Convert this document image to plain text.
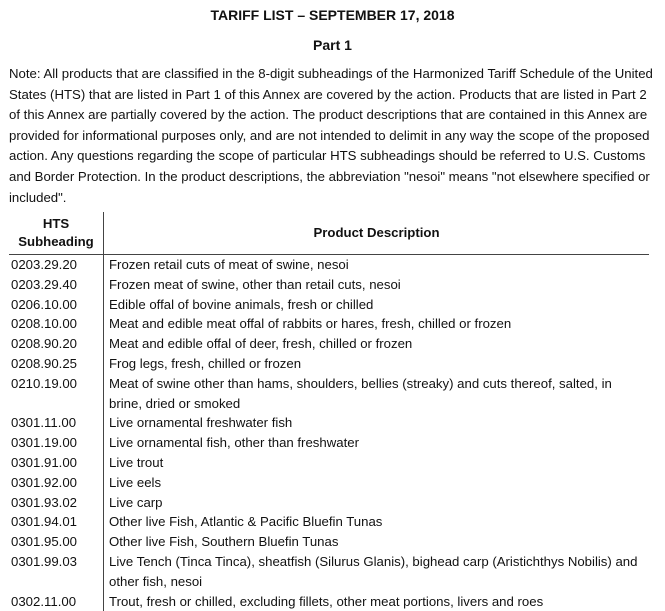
TARIFF LIST – SEPTEMBER 17, 2018
Part 1

Note: All products that are classified in the 8-digit subheadings of the Harmonized Tariff Schedule of the United States (HTS) that are listed in Part 1 of this Annex are covered by the action. Products that are listed in Part 2 of this Annex are partially covered by the action. The product descriptions that are contained in this Annex are provided for informational purposes only, and are not intended to delimit in any way the scope of the proposed action. Any questions regarding the scope of particular HTS subheadings should be referred to U.S. Customs and Border Protection. In the product descriptions, the abbreviation "nesoi" means "not elsewhere specified or included".

HTS
Subheading	Product Description
0203.29.20	Frozen retail cuts of meat of swine, nesoi
0203.29.40	Frozen meat of swine, other than retail cuts, nesoi
0206.10.00	Edible offal of bovine animals, fresh or chilled
0208.10.00	Meat and edible meat offal of rabbits or hares, fresh, chilled or frozen
0208.90.20	Meat and edible offal of deer, fresh, chilled or frozen
0208.90.25	Frog legs, fresh, chilled or frozen
0210.19.00	Meat of swine other than hams, shoulders, bellies (streaky) and cuts thereof, salted, in brine, dried or smoked
0301.11.00	Live ornamental freshwater fish
0301.19.00	Live ornamental fish, other than freshwater
0301.91.00	Live trout
0301.92.00	Live eels
0301.93.02	Live carp
0301.94.01	Other live Fish, Atlantic & Pacific Bluefin Tunas
0301.95.00	Other live Fish, Southern Bluefin Tunas
0301.99.03	Live Tench (Tinca Tinca), sheatfish (Silurus Glanis), bighead carp (Aristichthys Nobilis) and other fish, nesoi
0302.11.00	Trout, fresh or chilled, excluding fillets, other meat portions, livers and roes
